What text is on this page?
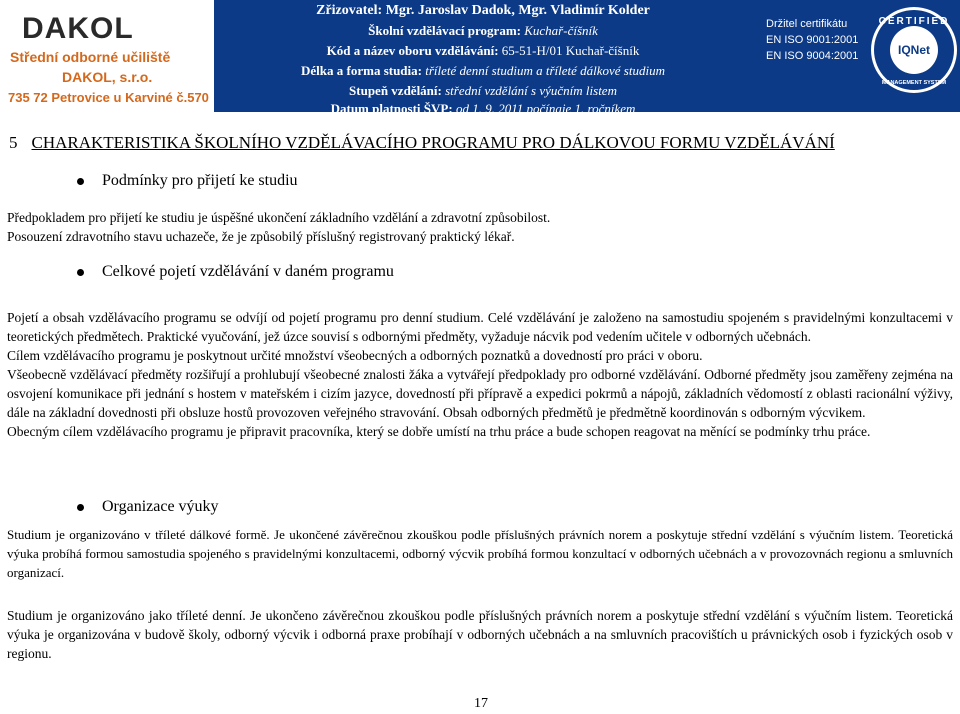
DAKOL
Střední odborné učiliště
DAKOL, s.r.o.
735 72 Petrovice u Karviné č.570
Zřizovatel: Mgr. Jaroslav Dadok, Mgr. Vladimír Kolder
Školní vzdělávací program: Kuchař-číšník
Kód a název oboru vzdělávání: 65-51-H/01 Kuchař-číšník
Délka a forma studia: tříleté denní studium a tříleté dálkové studium
Stupeň vzdělání: střední vzdělání s výučním listem
Datum platnosti ŠVP: od 1. 9. 2011 počínaje 1. ročníkem
Držitel certifikátu
EN ISO 9001:2001
EN ISO 9004:2001
CERTIFIED
IQNet
MANAGEMENT SYSTEM
5 CHARAKTERISTIKA ŠKOLNÍHO VZDĚLÁVACÍHO PROGRAMU PRO DÁLKOVOU FORMU VZDĚLÁVÁNÍ
Podmínky pro přijetí ke studiu

Předpokladem pro přijetí ke studiu je úspěšné ukončení základního vzdělání a zdravotní způsobilost.

Posouzení zdravotního stavu uchazeče, že je způsobilý příslušný registrovaný praktický lékař.

Celkové pojetí vzdělávání v daném programu

Pojetí a obsah vzdělávacího programu se odvíjí od pojetí programu pro denní studium. Celé vzdělávání je založeno na samostudiu spojeném s pravidelnými konzultacemi v teoretických předmětech. Praktické vyučování, jež úzce souvisí s odbornými předměty, vyžaduje nácvik pod vedením učitele v odborných učebnách.

Cílem vzdělávacího programu je poskytnout určité množství všeobecných a odborných poznatků a dovedností pro práci v oboru.

Všeobecně vzdělávací předměty rozšiřují a prohlubují všeobecné znalosti žáka a vytvářejí předpoklady pro odborné vzdělávání. Odborné předměty jsou zaměřeny zejména na osvojení komunikace při jednání s hostem v mateřském i cizím jazyce, dovedností při přípravě a expedici pokrmů a nápojů, základních vědomostí z oblasti racionální výživy, dále na základní dovednosti při obsluze hostů provozoven veřejného stravování. Obsah odborných předmětů je předmětně koordinován s odborným výcvikem.

Obecným cílem vzdělávacího programu je připravit pracovníka, který se dobře umístí na trhu práce a bude schopen reagovat na měnící se podmínky trhu práce.

Organizace výuky

Studium je organizováno v tříleté dálkové formě. Je ukončené závěrečnou zkouškou podle příslušných právních norem a poskytuje střední vzdělání s výučním listem. Teoretická výuka probíhá formou samostudia spojeného s pravidelnými konzultacemi, odborný výcvik probíhá formou konzultací v odborných učebnách a v provozovnách regionu a smluvních organizací.

Studium je organizováno jako tříleté denní. Je ukončeno závěrečnou zkouškou podle příslušných právních norem a poskytuje střední vzdělání s výučním listem. Teoretická výuka je organizována v budově školy, odborný výcvik i odborná praxe probíhají v odborných učebnách a na smluvních pracovištích u právnických osob i fyzických osob v regionu.

17
